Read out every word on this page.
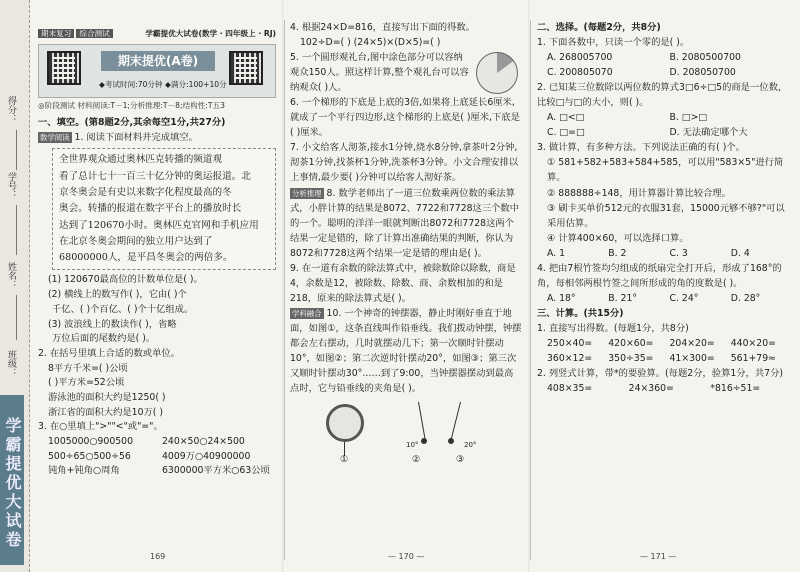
得分：
学号：
姓名：
班级：
学霸提优大试卷
期末复习 综合测试	学霸提优大试卷(数学 · 四年级上 · RJ)
期末提优(A卷)
◆考试时间:70分钟 ◆满分:100+10分
◎阶段测试 材料阅读:T－1;分析推理:T－8;结构性:T五3
一、填空。(第8题2分,其余每空1分,共27分)
数学阅读 1. 阅读下面材料并完成填空。
全世界观众通过奥林匹克转播的频道观
看了总计七十一百三十亿分钟的奥运报道。北
京冬奥会是有史以来数字化程度最高的冬
奥会。转播的报道在数字平台上的播放时长
达到了120670小时。奥林匹克官网和手机应用
在北京冬奥会期间的独立用户达到了
68000000人，是平昌冬奥会的两倍多。
(1) 120670最高位的计数单位是( )。
(2) 横线上的数写作( )，它由( )个
千亿、( )个百亿、( )个十亿组成。
(3) 波浪线上的数读作( )，省略
万位后面的尾数约是( )。
2. 在括号里填上合适的数或单位。
8平方千米=( )公顷
( )平方米=52公顷
游泳池的面积大约是1250( )
浙江省的面积大约是10万( )
3. 在○里填上">""<"或"="。
1005000○900500	240×50○24×500
500÷65○500÷56	4009万○40900000
钝角+钝角○周角	6300000平方米○63公顷
4. 根据24×D=816，直接写出下面的得数。
102÷D=( ) (24×5)×(D×5)=( )
5. 一个圆形观礼台,图中涂色部分可以容纳观众150人。照这样计算,整个观礼台可以容纳观众( )人。
6. 一个梯形的下底是上底的3倍,如果将上底延长6厘米,就成了一个平行四边形,这个梯形的上底是( )厘米,下底是( )厘米。
7. 小文给客人沏茶,接水1分钟,烧水8分钟,拿茶叶2分钟,沏茶1分钟,找茶杯1分钟,洗茶杯3分钟。小文合理安排以上事情,最少要( )分钟可以给客人沏好茶。
分析推理 8. 数学老师出了一道三位数乘两位数的乘法算式，小胖计算的结果是8072、7722和7728这三个数中的一个。聪明的洋洋一眼就判断出8072和7728这两个结果一定是错的，除了计算出准确结果的判断，你认为8072和7728这两个结果一定是错的理由是( )。
9. 在一道有余数的除法算式中，被除数除以除数，商是4，余数是12，被除数、除数、商、余数相加的和是218，原来的除法算式是( )。
学科融合 10. 一个神奇的钟摆器，静止时刚好垂直于地面，如图①，这条直线叫作铅垂线。我们拨动钟摆，钟摆都会左右摆动，几时就摆动几下；第一次顺时针摆动10°，如图②；第二次逆时针摆动20°，如图③；第三次又顺时针摆动30°……到了9:00，当钟摆器摆动到最高点时，它与铅垂线的夹角是( )。
10°	20°
①	②	③
二、选择。(每题2分，共8分)
1. 下面各数中，只读一个零的是( )。
A. 268005700	B. 2080500700
C. 200805070	D. 208050700
2. 已知某三位数除以两位数的算式3□6÷□5的商是一位数，比较□与□的大小，则( )。
A. □<□	B. □>□
C. □=□	D. 无法确定哪个大
3. 做计算，有多种方法。下列说法正确的有( )个。
① 581+582+583+584+585，可以用"583×5"进行简算。
② 888888÷148，用计算器计算比较合理。
③ 刷卡买单价512元的衣服31套，15000元够不够?"可以采用估算。
④ 计算400×60，可以选择口算。
A. 1	B. 2	C. 3	D. 4
4. 把由7根竹签均匀组成的纸扇完全打开后，形成了168°的角，每相邻两根竹签之间所形成的角的度数是( )。
A. 18°	B. 21°	C. 24°	D. 28°
三、计算。(共15分)
1. 直接写出得数。(每题1分，共8分)
250×40=	420×60=	204×20=	440×20=
360×12=	350÷35=	41×300=	561+79≈
2. 列竖式计算，带*的要验算。(每题2分，验算1分，共7分)
408×35=	24×360=	*816÷51=
169	— 170 —	— 171 —
